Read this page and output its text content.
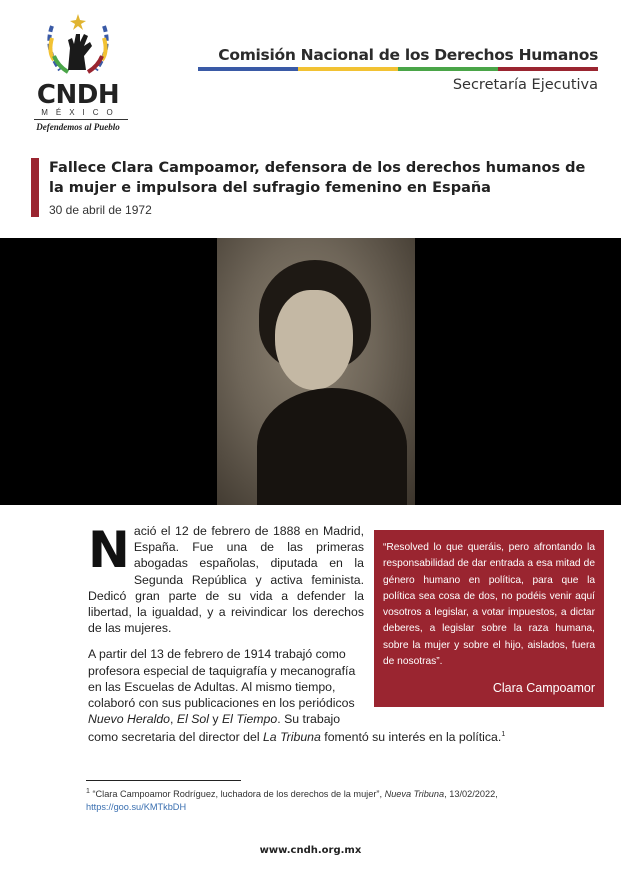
CNDH
MÉXICO
Defendemos al Pueblo
Comisión Nacional de los Derechos Humanos
Secretaría Ejecutiva
Fallece Clara Campoamor, defensora de los derechos humanos de la mujer e impulsora del sufragio femenino en España
30 de abril de 1972
“Resolved lo que queráis, pero afrontando la responsabilidad de dar entrada a esa mitad de género humano en política, para que la política sea cosa de dos, no podéis venir aquí vosotros a legislar, a votar impuestos, a dictar deberes, a legislar sobre la raza humana, sobre la mujer y sobre el hijo, aislados, fuera de nosotras”.
Clara Campoamor
Nació el 12 de febrero de 1888 en Madrid, España. Fue una de las primeras abogadas españolas, diputada en la Segunda República y activa feminista. Dedicó gran parte de su vida a defender la libertad, la igualdad, y a reivindicar los derechos de las mujeres.
A partir del 13 de febrero de 1914 trabajó como profesora especial de taquigrafía y mecanografía en las Escuelas de Adultas. Al mismo tiempo, colaboró con sus publicaciones en los periódicos Nuevo Heraldo, El Sol y El Tiempo. Su trabajo como secretaria del director del La Tribuna fomentó su interés en la política.$^1$
$^1$ “Clara Campoamor Rodríguez, luchadora de los derechos de la mujer”, Nueva Tribuna, 13/02/2022, https://goo.su/KMTkbDH
www.cndh.org.mx
